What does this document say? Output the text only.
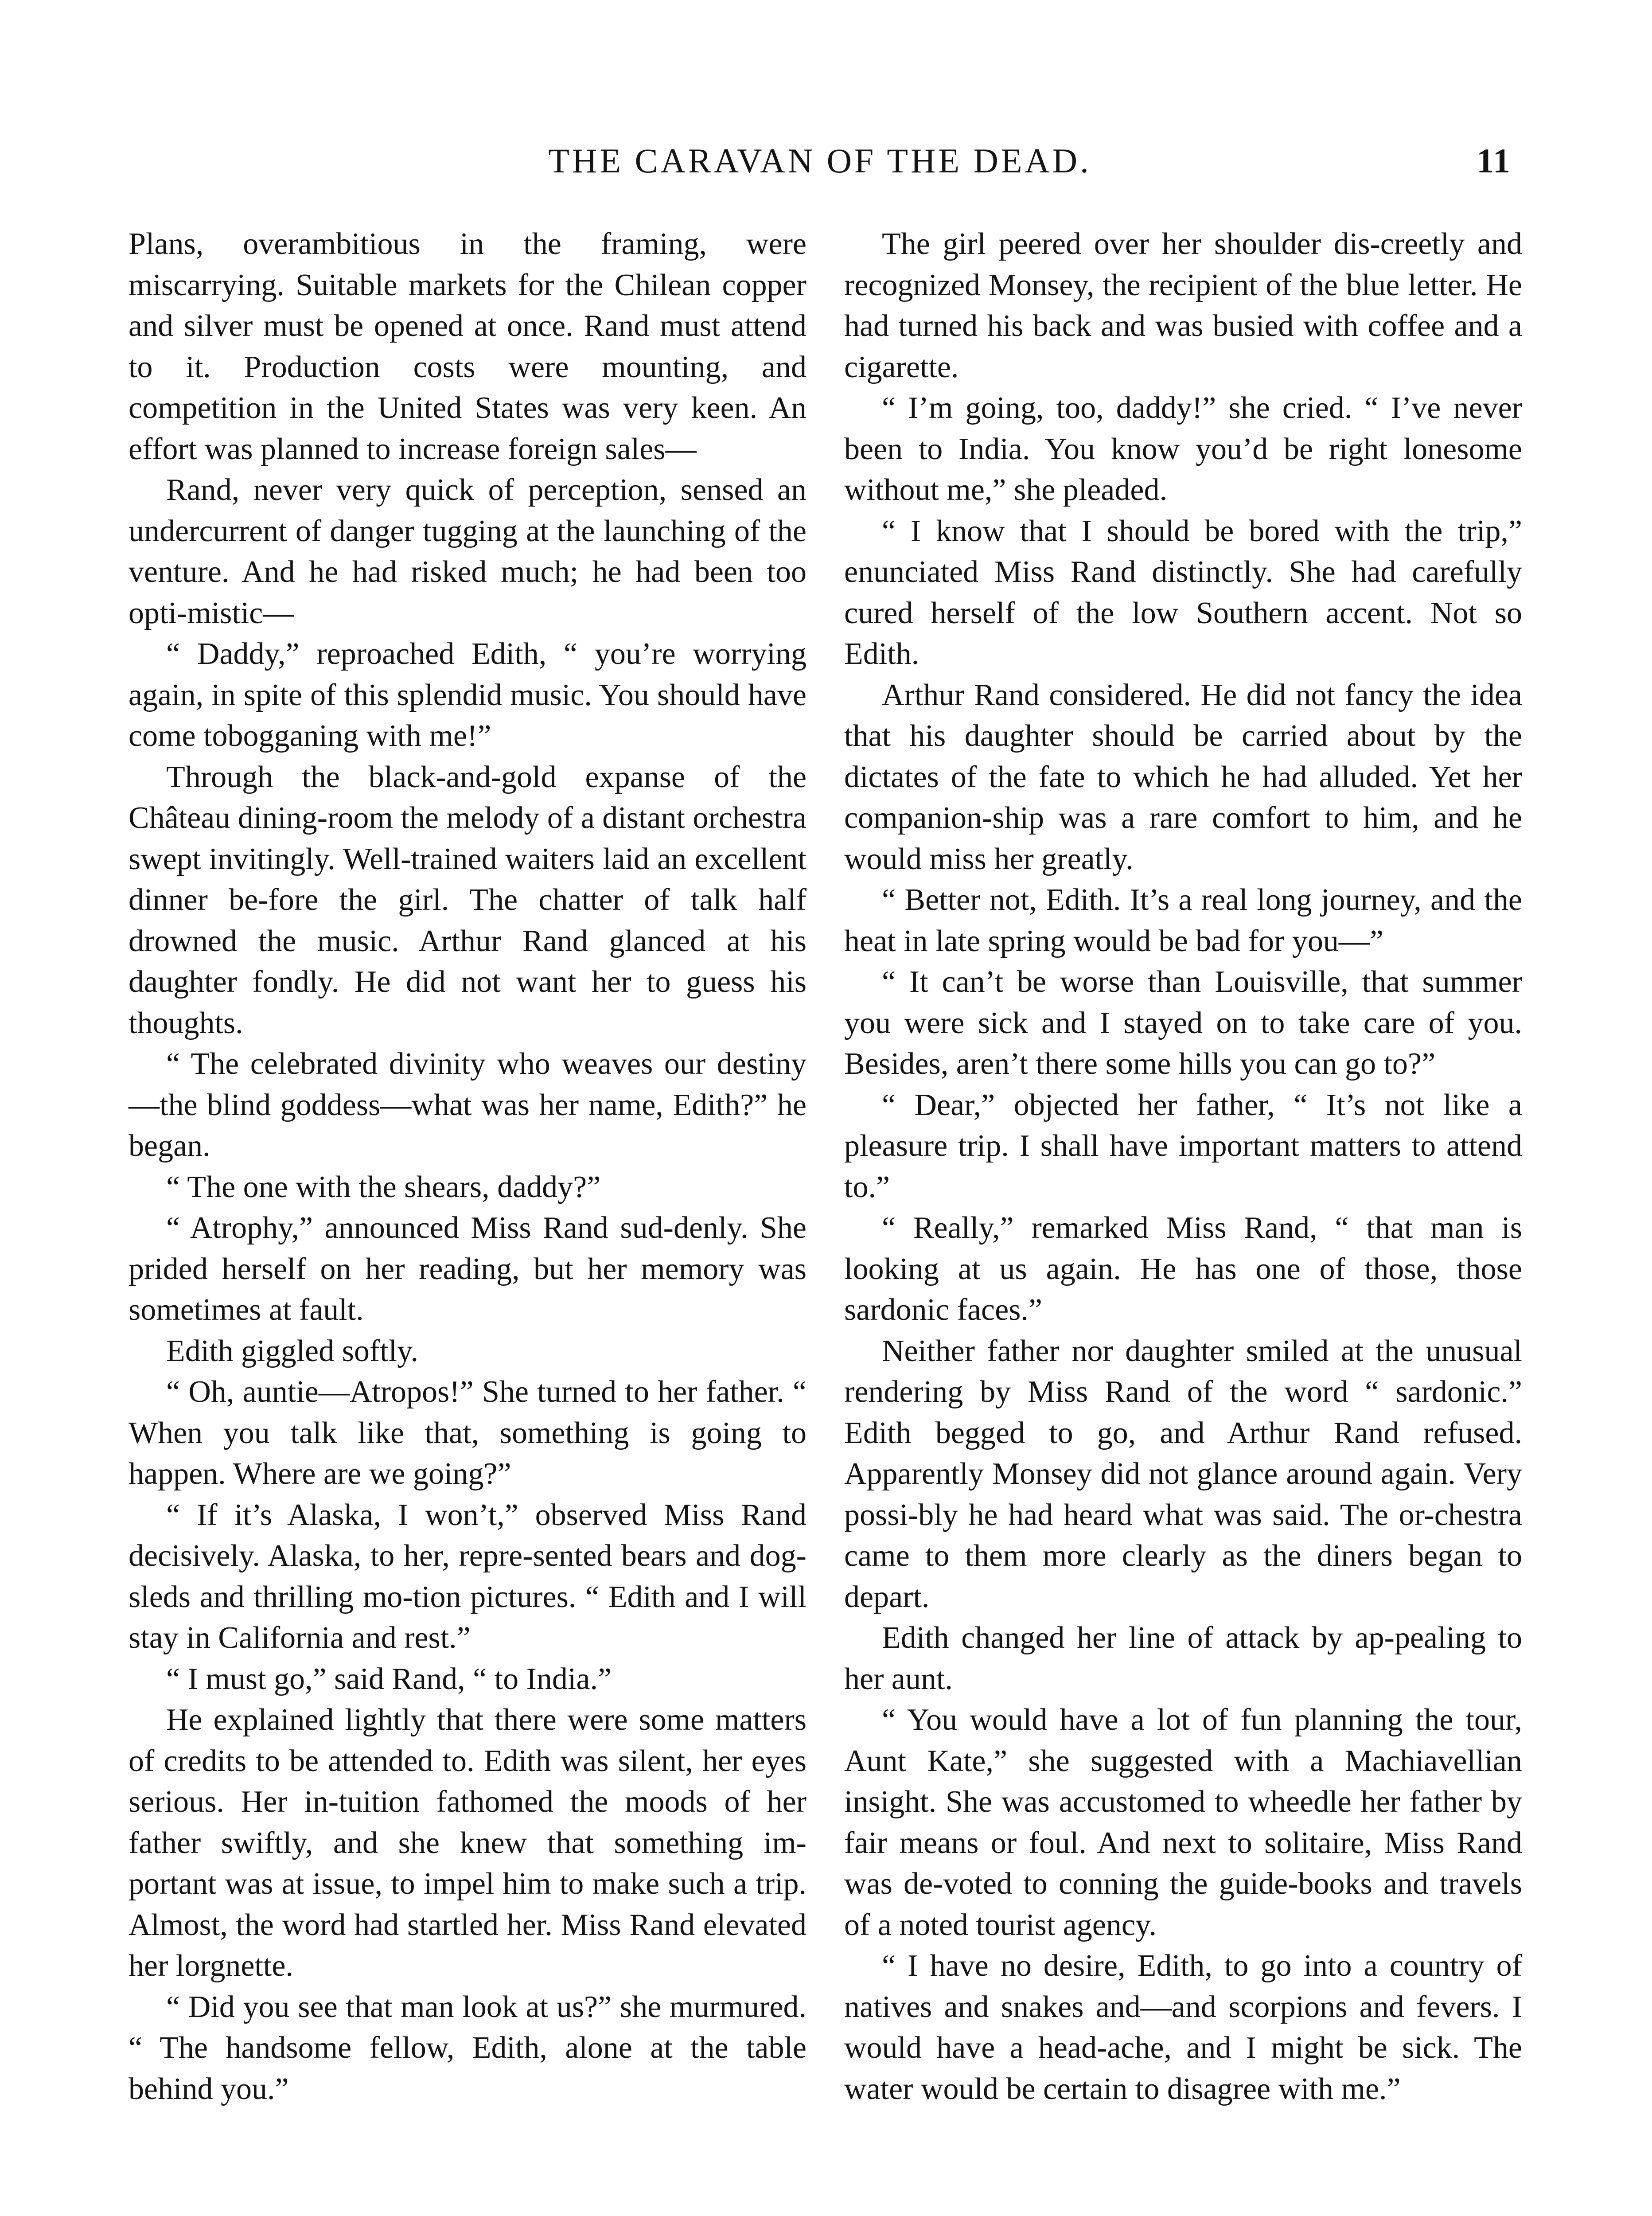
THE CARAVAN OF THE DEAD.	11

Plans, overambitious in the framing, were miscarrying. Suitable markets for the Chilean copper and silver must be opened at once. Rand must attend to it. Production costs were mounting, and competition in the United States was very keen. An effort was planned to increase foreign sales—

Rand, never very quick of perception, sensed an undercurrent of danger tugging at the launching of the venture. And he had risked much; he had been too opti-mistic—

“ Daddy,” reproached Edith, “ you’re worrying again, in spite of this splendid music. You should have come tobogganing with me!”

Through the black-and-gold expanse of the Château dining-room the melody of a distant orchestra swept invitingly. Well-trained waiters laid an excellent dinner be-fore the girl. The chatter of talk half drowned the music. Arthur Rand glanced at his daughter fondly. He did not want her to guess his thoughts.

“ The celebrated divinity who weaves our destiny—the blind goddess—what was her name, Edith?” he began.

“ The one with the shears, daddy?”

“ Atrophy,” announced Miss Rand sud-denly. She prided herself on her reading, but her memory was sometimes at fault.

Edith giggled softly.

“ Oh, auntie—Atropos!” She turned to her father. “ When you talk like that, something is going to happen. Where are we going?”

“ If it’s Alaska, I won’t,” observed Miss Rand decisively. Alaska, to her, repre-sented bears and dog-sleds and thrilling mo-tion pictures. “ Edith and I will stay in California and rest.”

“ I must go,” said Rand, “ to India.”

He explained lightly that there were some matters of credits to be attended to. Edith was silent, her eyes serious. Her in-tuition fathomed the moods of her father swiftly, and she knew that something im-portant was at issue, to impel him to make such a trip. Almost, the word had startled her. Miss Rand elevated her lorgnette.

“ Did you see that man look at us?” she murmured. “ The handsome fellow, Edith, alone at the table behind you.”

The girl peered over her shoulder dis-creetly and recognized Monsey, the recipient of the blue letter. He had turned his back and was busied with coffee and a cigarette.

“ I’m going, too, daddy!” she cried. “ I’ve never been to India. You know you’d be right lonesome without me,” she pleaded.

“ I know that I should be bored with the trip,” enunciated Miss Rand distinctly. She had carefully cured herself of the low Southern accent. Not so Edith.

Arthur Rand considered. He did not fancy the idea that his daughter should be carried about by the dictates of the fate to which he had alluded. Yet her companion-ship was a rare comfort to him, and he would miss her greatly.

“ Better not, Edith. It’s a real long journey, and the heat in late spring would be bad for you—”

“ It can’t be worse than Louisville, that summer you were sick and I stayed on to take care of you. Besides, aren’t there some hills you can go to?”

“ Dear,” objected her father, “ It’s not like a pleasure trip. I shall have important matters to attend to.”

“ Really,” remarked Miss Rand, “ that man is looking at us again. He has one of those, those sardonic faces.”

Neither father nor daughter smiled at the unusual rendering by Miss Rand of the word “ sardonic.” Edith begged to go, and Arthur Rand refused. Apparently Monsey did not glance around again. Very possi-bly he had heard what was said. The or-chestra came to them more clearly as the diners began to depart.

Edith changed her line of attack by ap-pealing to her aunt.

“ You would have a lot of fun planning the tour, Aunt Kate,” she suggested with a Machiavellian insight. She was accustomed to wheedle her father by fair means or foul. And next to solitaire, Miss Rand was de-voted to conning the guide-books and travels of a noted tourist agency.

“ I have no desire, Edith, to go into a country of natives and snakes and—and scorpions and fevers. I would have a head-ache, and I might be sick. The water would be certain to disagree with me.”
